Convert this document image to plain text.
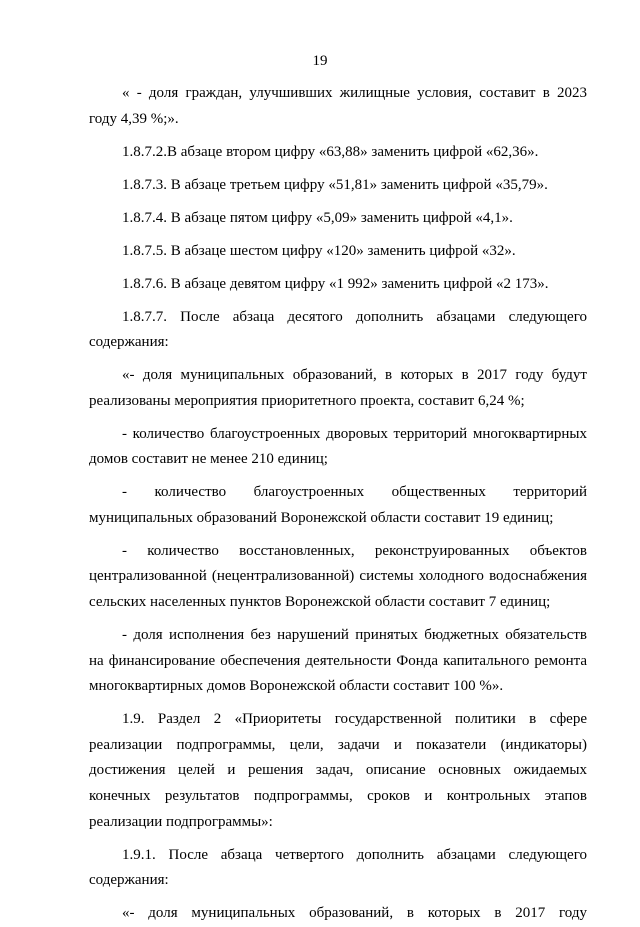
19
« - доля граждан, улучшивших жилищные условия, составит в 2023
году 4,39 %;».
1.8.7.2.В абзаце втором цифру «63,88» заменить цифрой «62,36».
1.8.7.3. В абзаце третьем цифру «51,81» заменить цифрой «35,79».
1.8.7.4. В абзаце пятом цифру «5,09» заменить цифрой «4,1».
1.8.7.5. В абзаце шестом цифру «120» заменить цифрой «32».
1.8.7.6. В абзаце девятом цифру «1 992» заменить цифрой «2 173».
1.8.7.7. После абзаца десятого дополнить абзацами следующего
содержания:
«- доля муниципальных образований, в которых в 2017 году будут
реализованы мероприятия приоритетного проекта, составит 6,24 %;
- количество благоустроенных дворовых территорий многоквартирных
домов составит не менее 210 единиц;
- количество благоустроенных общественных территорий
муниципальных образований Воронежской области составит 19 единиц;
- количество восстановленных, реконструированных объектов
централизованной (нецентрализованной) системы холодного водоснабжения
сельских населенных пунктов Воронежской области составит 7 единиц;
- доля исполнения без нарушений принятых бюджетных обязательств
на финансирование обеспечения деятельности Фонда капитального ремонта
многоквартирных домов Воронежской области составит 100 %».
1.9. Раздел 2 «Приоритеты государственной политики в сфере
реализации подпрограммы, цели, задачи и показатели (индикаторы)
достижения целей и решения задач, описание основных ожидаемых
конечных результатов подпрограммы, сроков и контрольных этапов
реализации подпрограммы»:
1.9.1. После абзаца четвертого дополнить абзацами следующего
содержания:
«- доля муниципальных образований, в которых в 2017 году
